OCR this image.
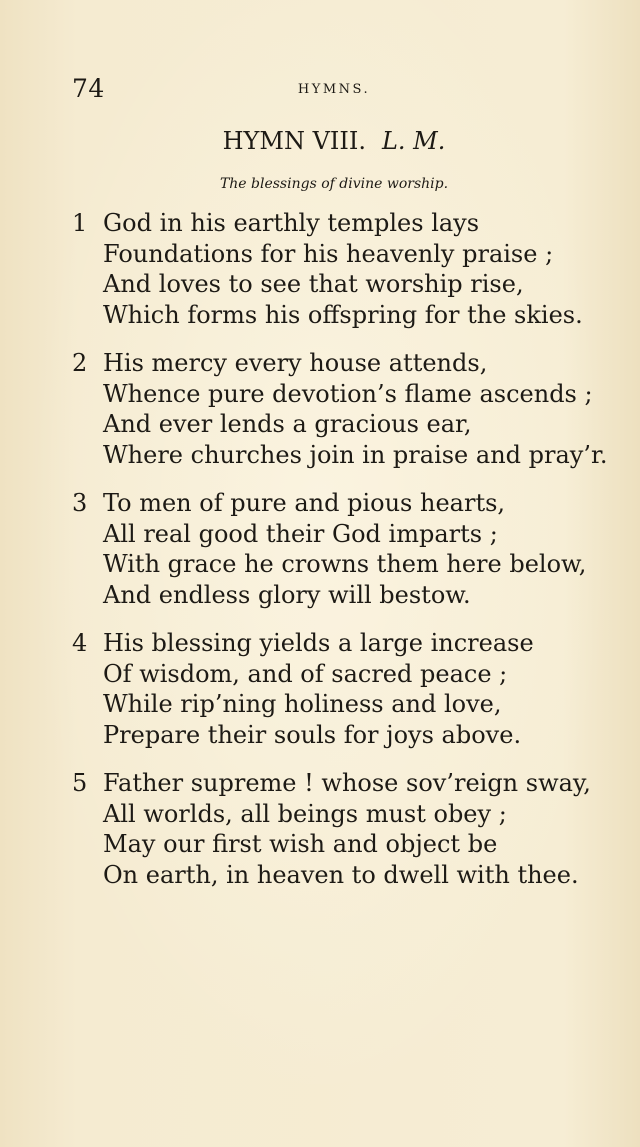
74	HYMNS.
HYMN VIII. L. M.
The blessings of divine worship.
1 God in his earthly temples lays
Foundations for his heavenly praise ;
And loves to see that worship rise,
Which forms his offspring for the skies.
2 His mercy every house attends,
Whence pure devotion’s flame ascends ;
And ever lends a gracious ear,
Where churches join in praise and pray’r.
3 To men of pure and pious hearts,
All real good their God imparts ;
With grace he crowns them here below,
And endless glory will bestow.
4 His blessing yields a large increase
Of wisdom, and of sacred peace ;
While rip’ning holiness and love,
Prepare their souls for joys above.
5 Father supreme ! whose sov’reign sway,
All worlds, all beings must obey ;
May our first wish and object be
On earth, in heaven to dwell with thee.
